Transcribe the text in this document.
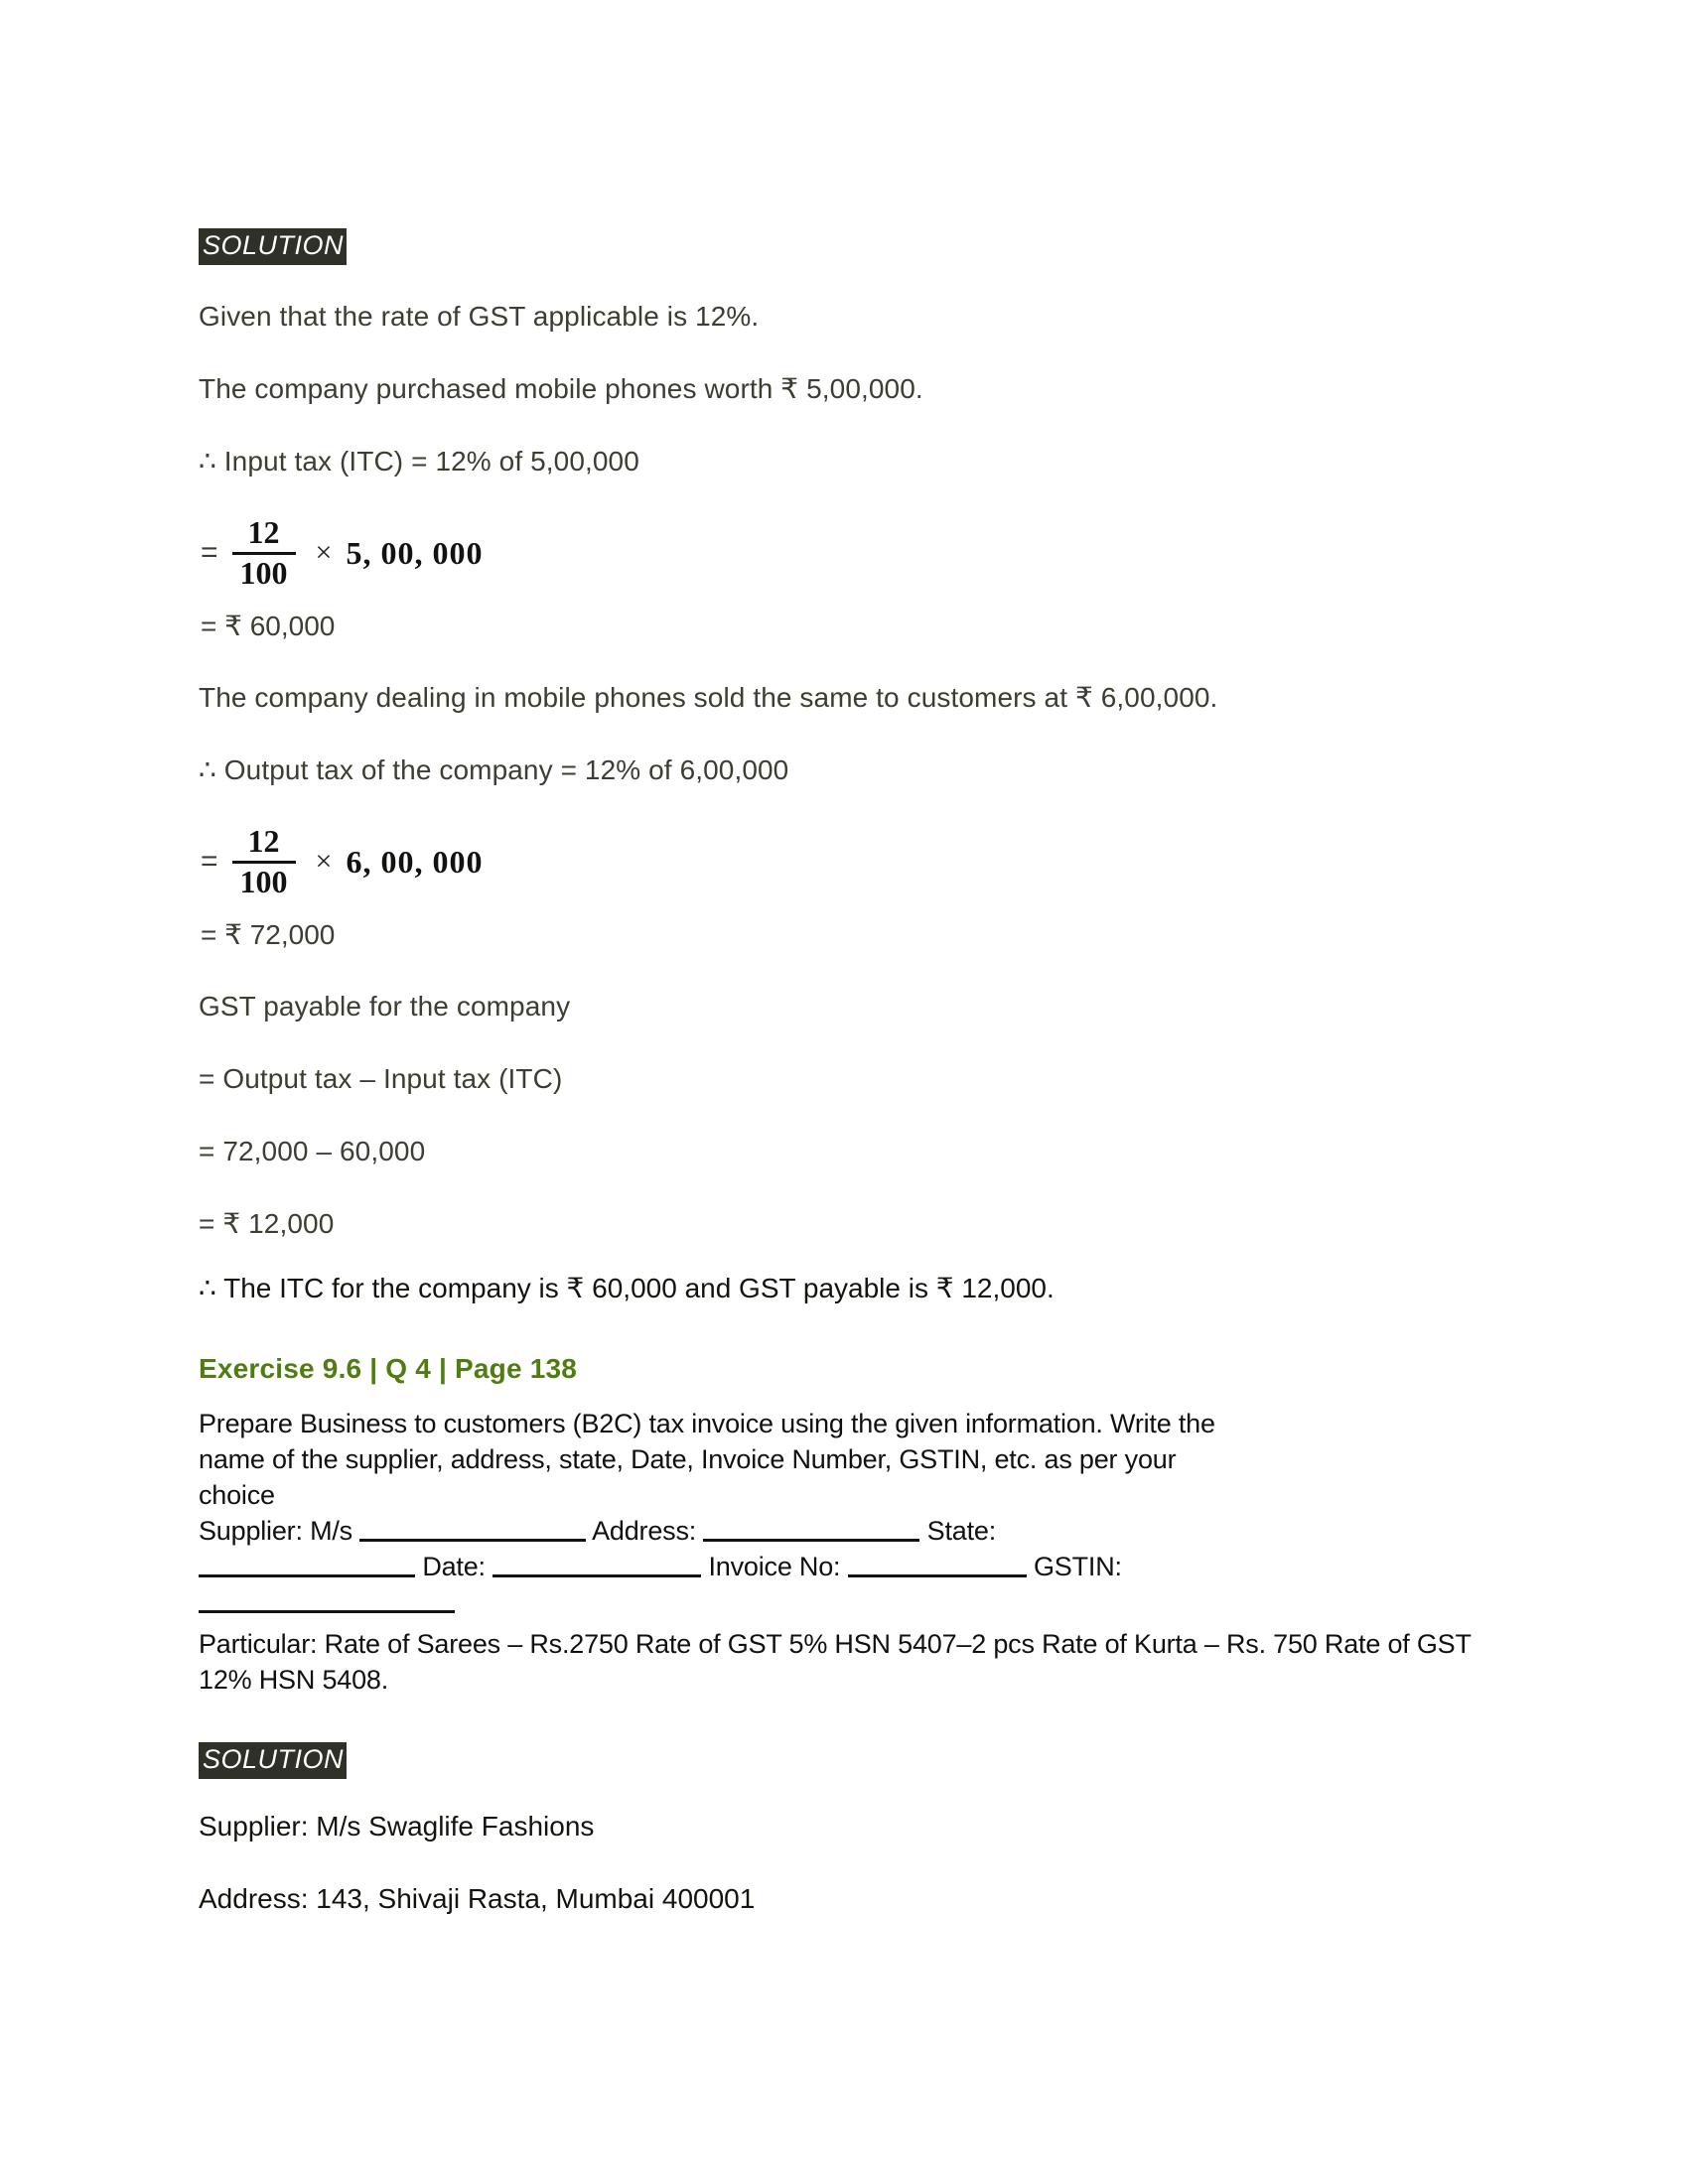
SOLUTION

Given that the rate of GST applicable is 12%.

The company purchased mobile phones worth ₹ 5,00,000.

∴ Input tax (ITC) = 12% of 5,00,000

= $\frac{12}{100} \times 5$, 00, 000

= ₹ 60,000

The company dealing in mobile phones sold the same to customers at ₹ 6,00,000.

∴ Output tax of the company = 12% of 6,00,000

= $\frac{12}{100} \times 6$, 00, 000

= ₹ 72,000

GST payable for the company

= Output tax – Input tax (ITC)

= 72,000 – 60,000

= ₹ 12,000

∴ The ITC for the company is ₹ 60,000 and GST payable is ₹ 12,000.

Exercise 9.6 | Q 4 | Page 138

Prepare Business to customers (B2C) tax invoice using the given information. Write the
name of the supplier, address, state, Date, Invoice Number, GSTIN, etc. as per your
choice
Supplier: M/s	Address:	State:
Date:	Invoice No:	GSTIN:
Particular: Rate of Sarees – Rs.2750 Rate of GST 5% HSN 5407–2 pcs Rate of Kurta – Rs. 750 Rate of GST 12% HSN 5408.
SOLUTION

Supplier: M/s Swaglife Fashions

Address: 143, Shivaji Rasta, Mumbai 400001
